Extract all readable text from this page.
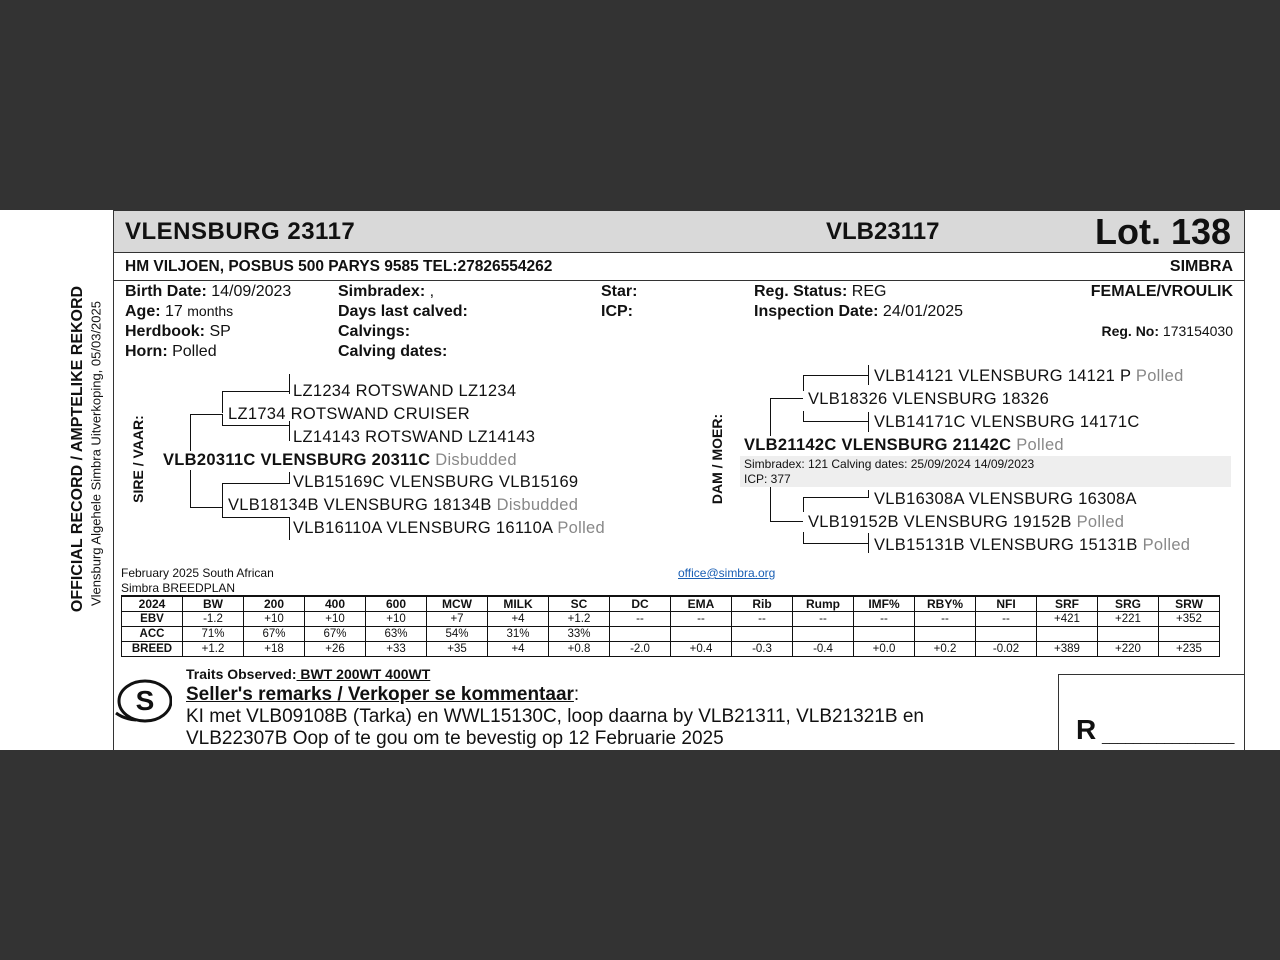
VLENSBURG 23117	VLB23117	Lot. 138
HM VILJOEN, POSBUS 500 PARYS 9585 TEL:27826554262	SIMBRA
OFFICIAL RECORD / AMPTELIKE REKORD Vlensburg Algehele Simbra Uitverkoping, 05/03/2025
Birth Date: 14/09/2023
Age: 17 months
Herdbook: SP
Horn: Polled
Simbradex: ,
Days last calved:
Calvings:
Calving dates:
Star:
ICP:
Reg. Status: REG
Inspection Date: 24/01/2025
FEMALE/VROULIK
Reg. No: 173154030
SIRE / VAAR:
LZ1234 ROTSWAND LZ1234
LZ1734 ROTSWAND CRUISER
LZ14143 ROTSWAND LZ14143
VLB20311C VLENSBURG 20311C Disbudded
VLB15169C VLENSBURG VLB15169
VLB18134B VLENSBURG 18134B Disbudded
VLB16110A VLENSBURG 16110A Polled
DAM / MOER:
VLB14121 VLENSBURG 14121 P Polled
VLB18326 VLENSBURG 18326
VLB14171C VLENSBURG 14171C
VLB21142C VLENSBURG 21142C Polled
Simbradex: 121 Calving dates: 25/09/2024 14/09/2023
ICP: 377
VLB16308A VLENSBURG 16308A
VLB19152B VLENSBURG 19152B Polled
VLB15131B VLENSBURG 15131B Polled
February 2025 South African
Simbra BREEDPLAN
office@simbra.org
2024	BW	200	400	600	MCW	MILK	SC	DC	EMA	Rib	Rump	IMF%	RBY%	NFI	SRF	SRG	SRW
EBV	-1.2	+10	+10	+10	+7	+4	+1.2	--	--	--	--	--	--	--	+421	+221	+352
ACC	71%	67%	67%	63%	54%	31%	33%										
BREED	+1.2	+18	+26	+33	+35	+4	+0.8	-2.0	+0.4	-0.3	-0.4	+0.0	+0.2	-0.02	+389	+220	+235
S
Traits Observed: BWT 200WT 400WT
Seller's remarks / Verkoper se kommentaar:
KI met VLB09108B (Tarka) en WWL15130C, loop daarna by VLB21311, VLB21321B en
VLB22307B Oop of te gou om te bevestig op 12 Februarie 2025	R _________________
